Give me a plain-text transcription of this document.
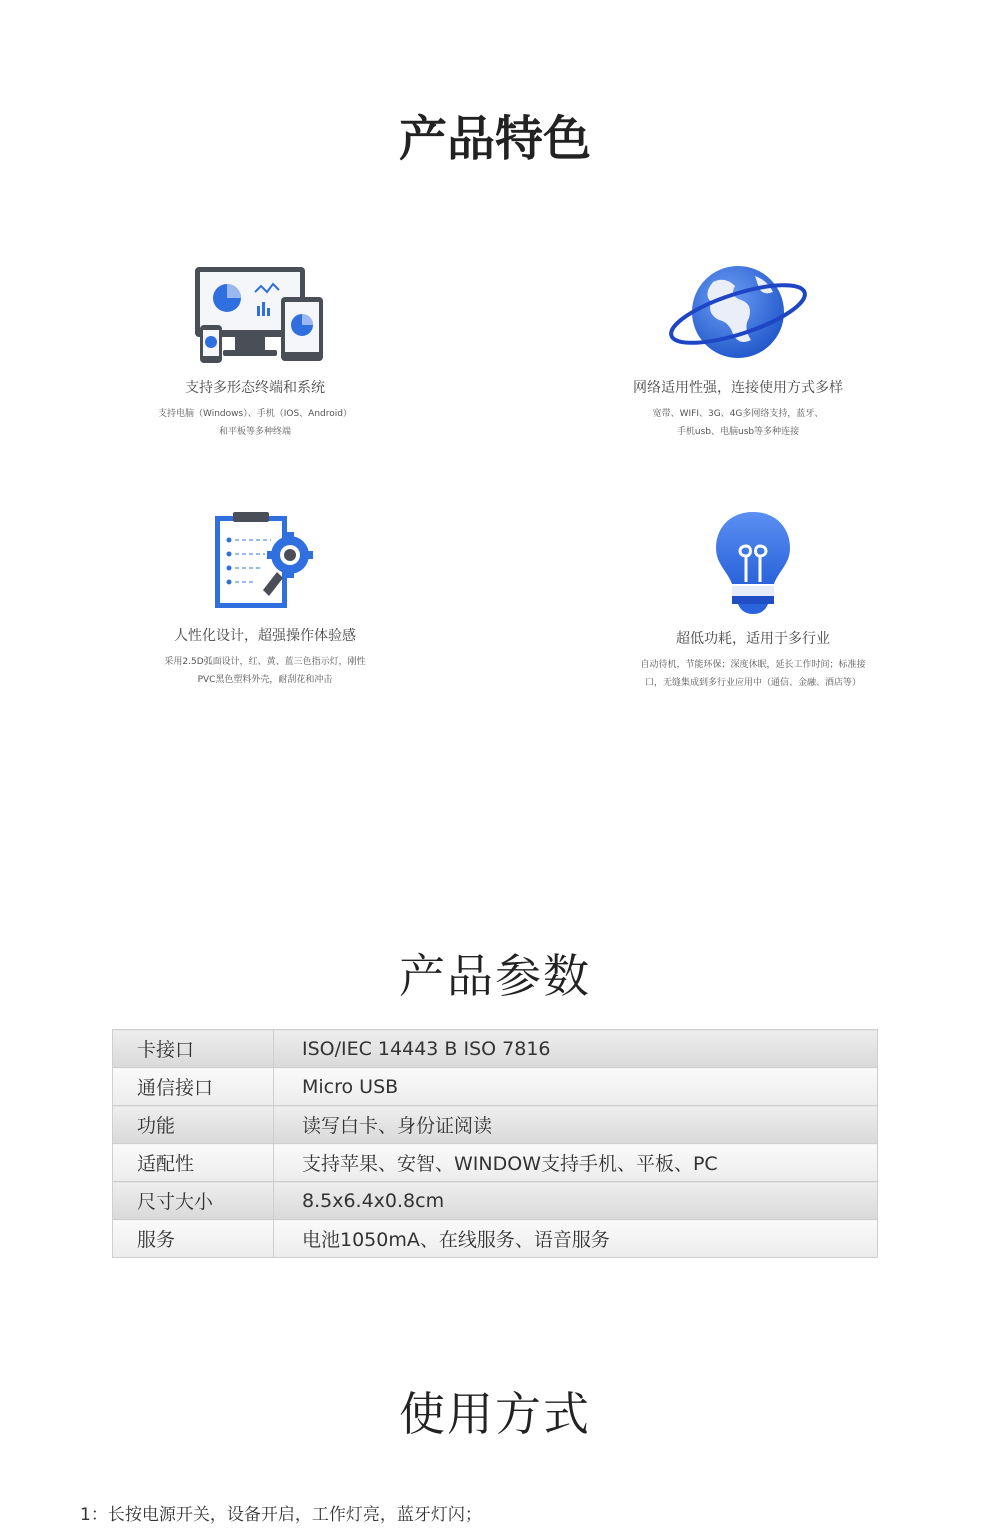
产品特色
支持多形态终端和系统
支持电脑（Windows）、手机（IOS、Android）
和平板等多种终端
网络适用性强，连接使用方式多样
宽带、WIFI、3G、4G多网络支持，蓝牙、
手机usb、电脑usb等多种连接
人性化设计，超强操作体验感
采用2.5D弧面设计，红、黄、蓝三色指示灯，刚性
PVC黑色塑料外壳，耐刮花和冲击
超低功耗，适用于多行业
自动待机，节能环保；深度休眠，延长工作时间；标准接
口，无缝集成到多行业应用中（通信、金融、酒店等）
产品参数
卡接口	ISO/IEC 14443 B ISO 7816
通信接口	Micro USB
功能	读写白卡、身份证阅读
适配性	支持苹果、安智、WINDOW支持手机、平板、PC
尺寸大小	8.5x6.4x0.8cm
服务	电池1050mA、在线服务、语音服务
使用方式
1：长按电源开关，设备开启，工作灯亮，蓝牙灯闪；
